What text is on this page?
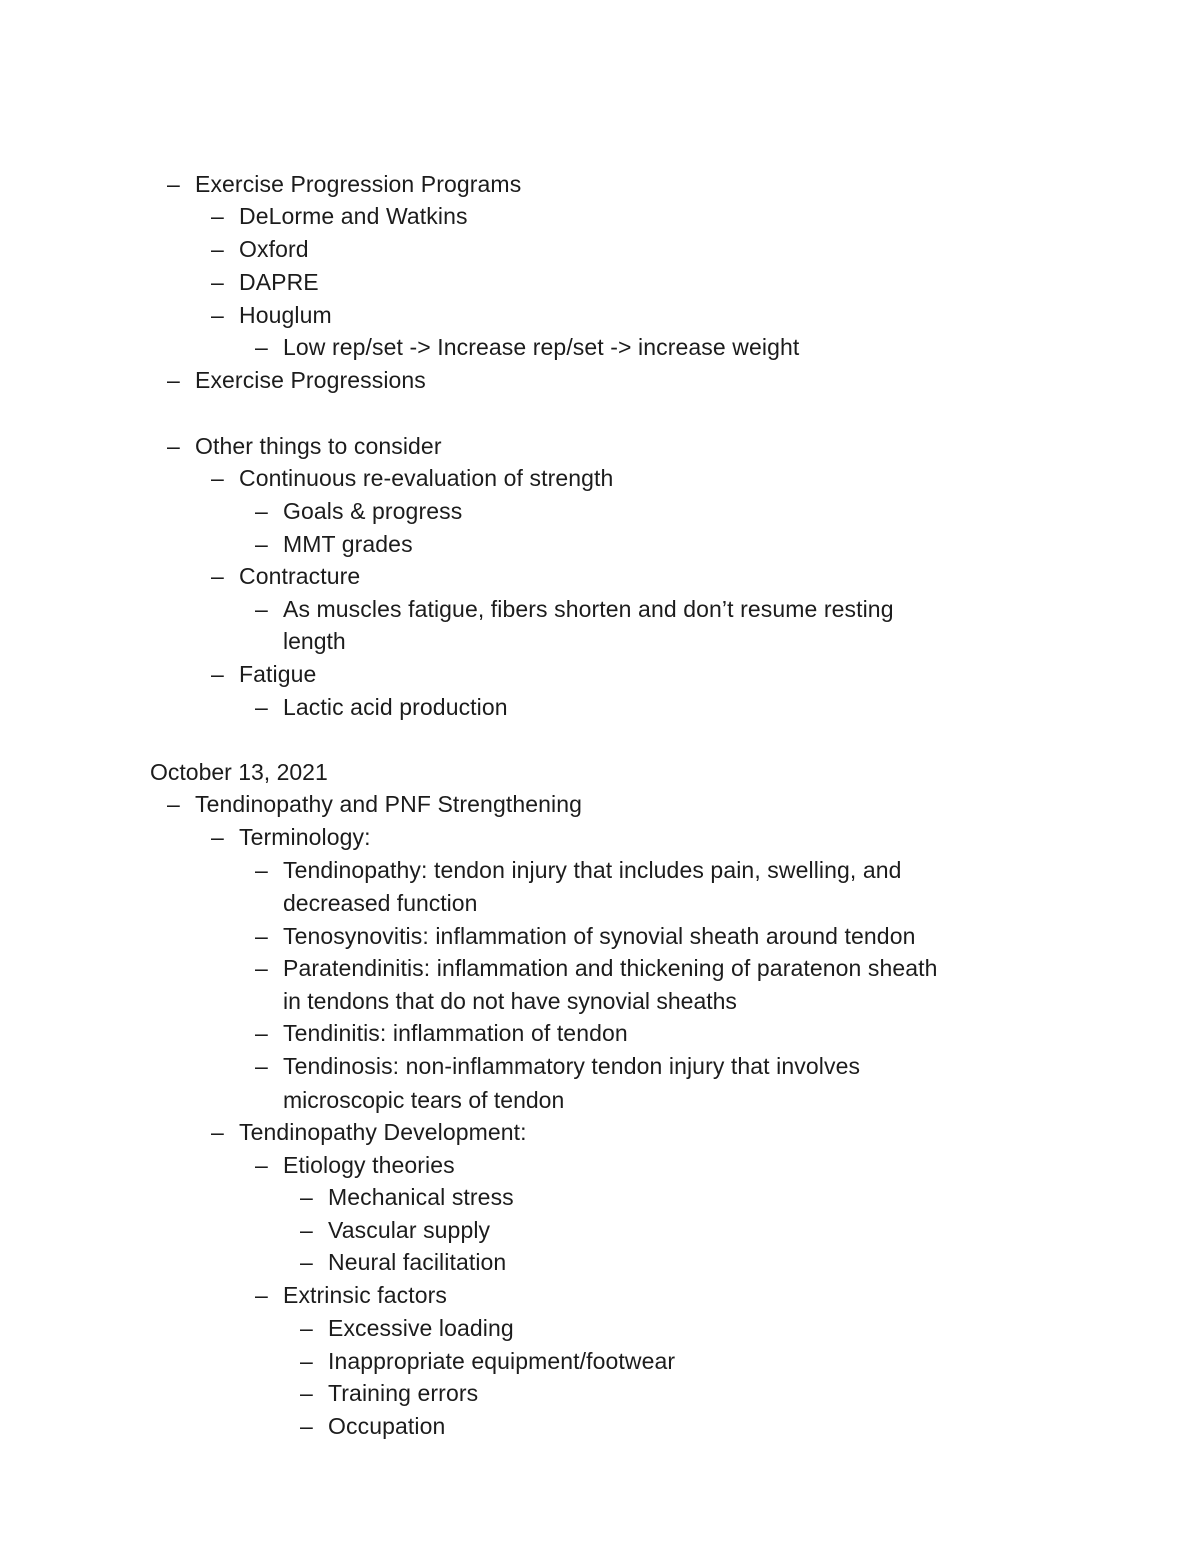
– Exercise Progression Programs
– DeLorme and Watkins
– Oxford
– DAPRE
– Houglum
– Low rep/set -> Increase rep/set -> increase weight
– Exercise Progressions
– Other things to consider
– Continuous re-evaluation of strength
– Goals & progress
– MMT grades
– Contracture
– As muscles fatigue, fibers shorten and don’t resume resting
length
– Fatigue
– Lactic acid production
October 13, 2021
– Tendinopathy and PNF Strengthening
– Terminology:
– Tendinopathy: tendon injury that includes pain, swelling, and
decreased function
– Tenosynovitis: inflammation of synovial sheath around tendon
– Paratendinitis: inflammation and thickening of paratenon sheath
in tendons that do not have synovial sheaths
– Tendinitis: inflammation of tendon
– Tendinosis: non-inflammatory tendon injury that involves
microscopic tears of tendon
– Tendinopathy Development:
– Etiology theories
– Mechanical stress
– Vascular supply
– Neural facilitation
– Extrinsic factors
– Excessive loading
– Inappropriate equipment/footwear
– Training errors
– Occupation
